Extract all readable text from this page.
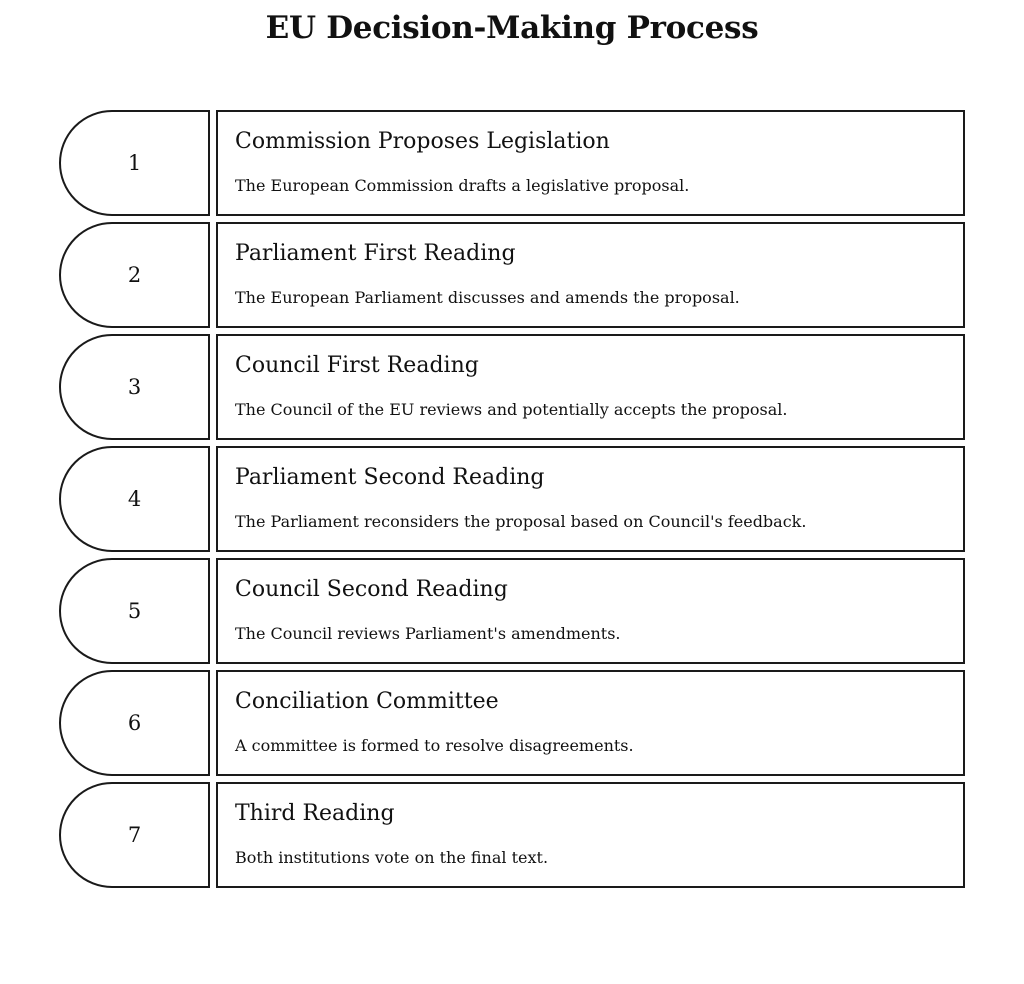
EU Decision-Making Process
1
Commission Proposes Legislation
The European Commission drafts a legislative proposal.
2
Parliament First Reading
The European Parliament discusses and amends the proposal.
3
Council First Reading
The Council of the EU reviews and potentially accepts the proposal.
4
Parliament Second Reading
The Parliament reconsiders the proposal based on Council's feedback.
5
Council Second Reading
The Council reviews Parliament's amendments.
6
Conciliation Committee
A committee is formed to resolve disagreements.
7
Third Reading
Both institutions vote on the final text.
